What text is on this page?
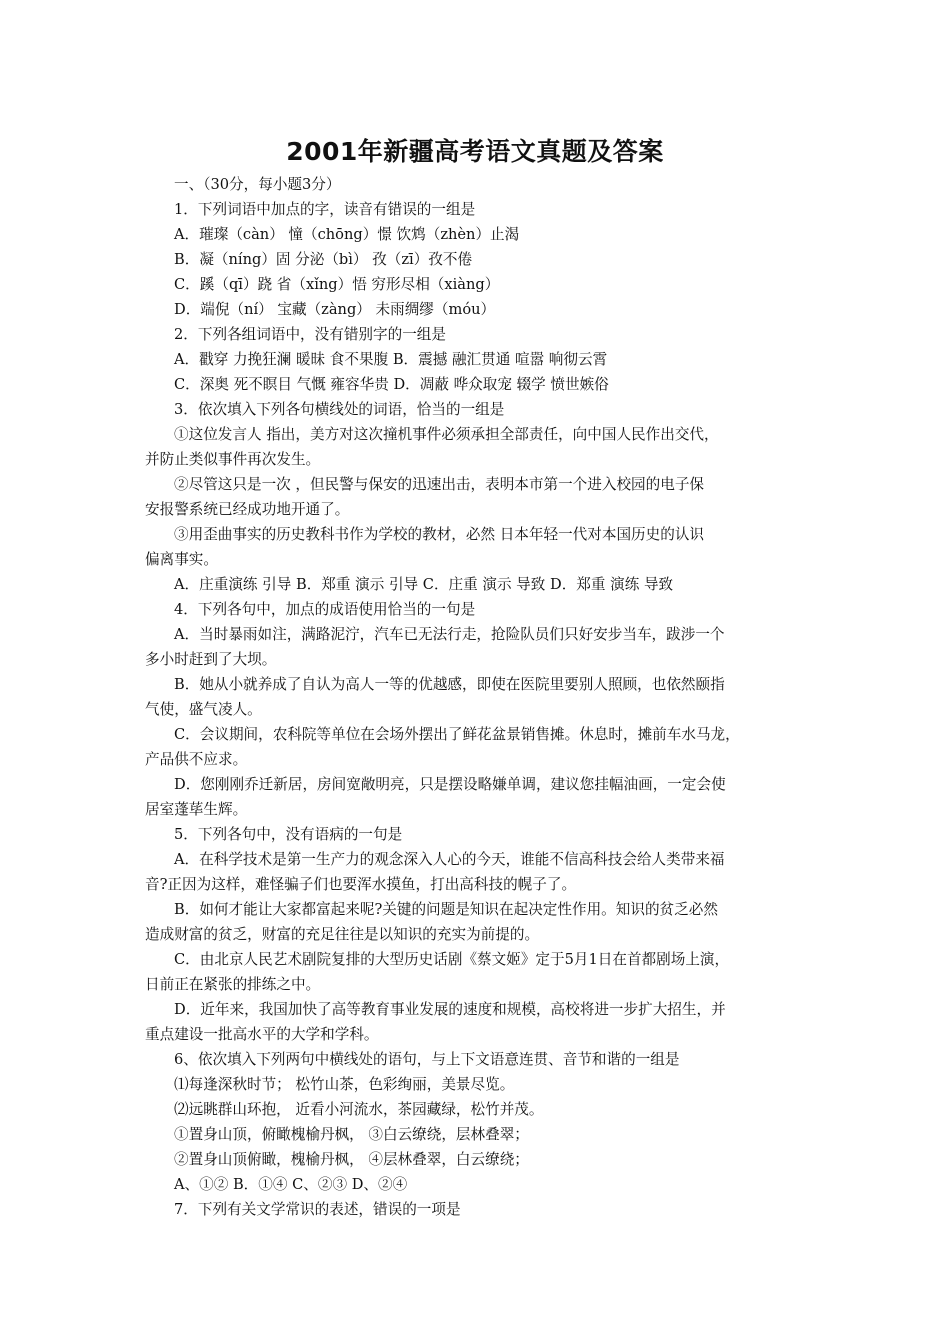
2001年新疆高考语文真题及答案
一、（30分，每小题3分）
1．下列词语中加点的字，读音有错误的一组是
A．璀璨（càn） 憧（chōng）憬 饮鸩（zhèn）止渴
B．凝（níng）固 分泌（bì） 孜（zī）孜不倦
C．蹊（qī）跷 省（xǐng）悟 穷形尽相（xiàng）
D．端倪（ní） 宝藏（zàng） 未雨绸缪（móu）
2．下列各组词语中，没有错别字的一组是
A．戳穿 力挽狂澜 暖昧 食不果腹 B．震撼 融汇贯通 喧嚣 响彻云霄
C．深奥 死不瞑目 气慨 雍容华贵 D．凋蔽 哗众取宠 辍学 愤世嫉俗
3．依次填入下列各句横线处的词语，恰当的一组是
①这位发言人 指出，美方对这次撞机事件必须承担全部责任，向中国人民作出交代，
并防止类似事件再次发生。
②尽管这只是一次 ，但民警与保安的迅速出击，表明本市第一个进入校园的电子保
安报警系统已经成功地开通了。
③用歪曲事实的历史教科书作为学校的教材，必然 日本年轻一代对本国历史的认识
偏离事实。
A．庄重演练 引导 B．郑重 演示 引导 C．庄重 演示 导致 D．郑重 演练 导致
4．下列各句中，加点的成语使用恰当的一句是
A．当时暴雨如注，满路泥泞，汽车已无法行走，抢险队员们只好安步当车，跋涉一个
多小时赶到了大坝。
B．她从小就养成了自认为高人一等的优越感，即使在医院里要别人照顾，也依然颐指
气使，盛气凌人。
C．会议期间，农科院等单位在会场外摆出了鲜花盆景销售摊。休息时，摊前车水马龙，
产品供不应求。
D．您刚刚乔迁新居，房间宽敞明亮，只是摆设略嫌单调，建议您挂幅油画，一定会使
居室蓬荜生辉。
5．下列各句中，没有语病的一句是
A．在科学技术是第一生产力的观念深入人心的今天，谁能不信高科技会给人类带来福
音?正因为这样，难怪骗子们也要浑水摸鱼，打出高科技的幌子了。
B．如何才能让大家都富起来呢?关键的问题是知识在起决定性作用。知识的贫乏必然
造成财富的贫乏，财富的充足往往是以知识的充实为前提的。
C．由北京人民艺术剧院复排的大型历史话剧《蔡文姬》定于5月1日在首都剧场上演，
日前正在紧张的排练之中。
D．近年来，我国加快了高等教育事业发展的速度和规模，高校将进一步扩大招生，并
重点建设一批高水平的大学和学科。
6、依次填入下列两句中横线处的语句，与上下文语意连贯、音节和谐的一组是
⑴每逢深秋时节； 松竹山茶，色彩绚丽，美景尽览。
⑵远眺群山环抱， 近看小河流水，茶园藏绿，松竹并茂。
①置身山顶，俯瞰槐榆丹枫， ③白云缭绕，层林叠翠；
②置身山顶俯瞰，槐榆丹枫， ④层林叠翠，白云缭绕；
A、①② B．①④ C、②③ D、②④
7．下列有关文学常识的表述，错误的一项是
